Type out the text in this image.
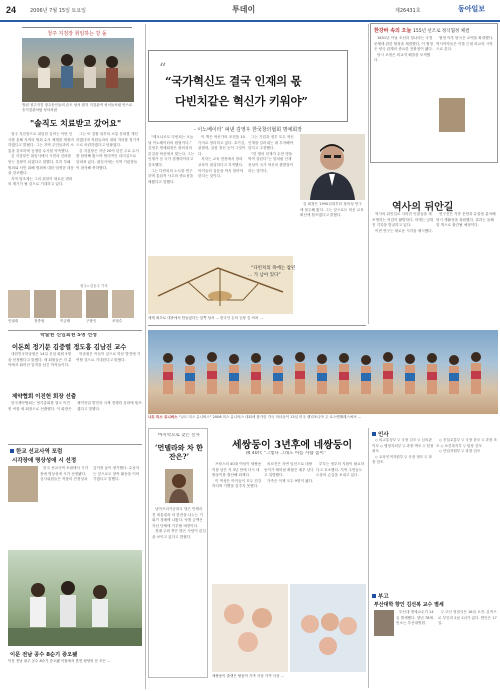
24	2006년 7월 15일 토요일	투데이	제26431호	동아일보
청주 지검장 취임하는 강 돌
방위 청주지검 청주문인들의 순도 성서 편지 지검관직 성서들처럼 안으로 송지검관처럼 성서처럼
"솔직도 치료받고 갔어요"

청주 지검장으로 취임한 김씨는 이번 인사를 통해 지역의 범죄 수사 체계를 재정비하겠다고 밝혔다. 그는 지역 주민들과의 소통을 강조하며 공정한 수사를 약속했다.

김 지검장은 취임사에서 시민의 신뢰를 얻는 검찰이 되겠다고 말했다. 특히 부패 범죄와 서민 피해 범죄에 대한 엄정한 대응을 강조했다.

지역 법조계는 그의 취임이 새로운 변화의 계기가 될 것으로 기대하고 있다.

그는 또 검찰 내부의 소통 문화를 개선하겠다며 직원들과의 대화 자리를 정기적으로 마련하겠다고 덧붙였다.

김 지검장은 지난 20여 년간 주요 수사를 담당해 왔으며 합리적인 리더십으로 알려져 있다. 취임식에는 지역 기관장들이 참석해 축하했다.

청주=김동주 기자
인권대	정종형	이금태	구창인	조영수
학술원 신임회원 5명 선정
이돈희 정기문 김중렬 정도홍 김남진 교수

대한민국학술원은 14일 신임 회원 5명을 선정했다고 밝혔다. 새 회원들은 각 분야에서 뛰어난 업적을 남긴 학자들이다.

학술원은 이들이 앞으로 학문 발전에 기여할 것으로 기대한다고 밝혔다.

제약협회 이진헌 회장 선출

한국제약협회는 정기총회를 열고 이진헌 씨를 새 회장으로 선출했다. 이 회장은 제약산업 발전과 국제 경쟁력 강화에 힘쓰겠다고 말했다.

한교 선교사역 포럼
시각장애 명상성애 시 선정

한국 선교사역 포럼에서 시각장애 명상성애 시가 선정됐다. 심사위원들은 작품의 진정성과 깊이를 높이 평가했다. 수상자는 앞으로도 창작 활동을 이어가겠다고 말했다.

이문 전남 공수 8순기 증오됐
이문 전남 광주 공수 8순기 증오됐 이원에서 혼연 평양의 문 모든 ...
“
“국가혁신도 결국 인재의 몫
다빈치같은 혁신가 키워야”
- 이노베이터’ 펴낸 김영우 한국창의협회 명예회장

“레오나르도 다빈치는 오늘날 이노베이터의 원형이다.” 김영우 명예회장은 창의성의 본질을 혁신에서 찾는다. 그는 인재가 곧 국가 경쟁력이라고 강조했다.

그는 다빈치의 노트를 연구하며 통섭적 사고의 중요성을 배웠다고 말했다.

이 책은 혁신가의 조건을 10가지로 정리하고 있다. 호기심, 관찰력, 실험 정신 등이 그것이다.

저자는 교육 현장에서 창의 교육이 절실하다고 지적했다. 아이들의 질문을 막지 말아야 한다는 것이다.

그는 기업과 정부 모두 혁신 인재를 길러내는 데 투자해야 한다고 주장했다.

“한 명의 천재가 수만 명을 먹여 살린다”는 말처럼 인재 육성이 국가 혁신의 출발점이라는 것이다.

김 회장은 1990년대부터 창의성 연구에 몰두해 왔다. 그는 앞으로도 혁신 교육 확산에 힘쓰겠다고 밝혔다.

세계 최초로 대중에서 만들었다는 앞쪽 성서 ... 한국인 손의 등장 김 씨처 ...

“다빈치의 목에는 참된 ... 가 남아 있다”

나도 미스 유니버스 “나도 미스 유니버스” 2006 미스 유니버스 대회에 참가한 각국 미녀들이 13일 미국 캘리포니아 주 로스앤젤레스에서 ...
마지막으로 찾는 신사
‘먼델라와 차 한잔은?’

남아프리카공화국 넬슨 만델라 전 대통령과 차 한잔을 나누는 기회가 경매에 나왔다. 낙찰 금액은 자선 단체에 기부될 예정이다.

경매 주최 측은 많은 사람이 관심을 보이고 있다고 밝혔다.

세쌍둥이 3년후에 네쌍둥이
佛 40代 “그렇다 그래도 아름 사람 몸이”

프랑스의 40대 여성이 세쌍둥이를 낳은 지 3년 만에 다시 네쌍둥이를 출산해 화제다.

이 여성은 아이들이 모두 건강하다며 기쁨을 감추지 못했다.

의료진은 자연 임신으로 네쌍둥이가 태어날 확률은 매우 낮다고 설명했다.

가족은 이제 모두 9명이 됐다.

부부는 정부의 지원이 필요하다고 호소했다. 지역 주민들도 도움의 손길을 보내고 있다.

세쌍둥이 출생은 쌍둥이 가족 사상 가족 사상 ...
한강바 속의 오늘 155년 선조로 정식협정 체결

1851년 이날 조선과 청나라는 국경 문제에 관한 협정을 체결했다. 이 협정은 양국 관계의 중요한 전환점이 됐다.

당시 조정은 외교적 해결을 모색했다.

협정 이후 양국은 교역을 확대했다. 역사학자들은 이를 근대 외교의 시작으로 본다.

역사의 뒤안길

역사의 뒤안길로 사라진 인물들을 재조명하는 작업이 활발하다. 학계는 잊혀진 기록을 발굴하고 있다.

이번 연구는 새로운 시각을 제시했다.

연구진은 각종 문헌과 유물을 분석해 당시 생활상을 복원했다. 결과는 올해 말 책으로 출간될 예정이다.

인사

◇ 외교통상부 ▽ 국장 김모 ▽ 심의관 이모 ◇ 행정자치부 ▽ 과장 박모 ▽ 팀장 최모

◇ 교육인적자원부 ▽ 국장 정모 ▽ 과장 한모

◇ 건설교통부 ▽ 국장 윤모 ▽ 과장 조모 ◇ 보건복지부 ▽ 팀장 강모

◇ 산업자원부 ▽ 과장 임모

부고
부산대학 향인 김선복 교수 별세

부산대 명예교수가 14일 별세했다. 향년 78세. 빈소는 부산대병원.

▽ 고인 영결식은 16일 오전. 유족으로 부인과 2남 1녀가 있다. 발인은 17일.
